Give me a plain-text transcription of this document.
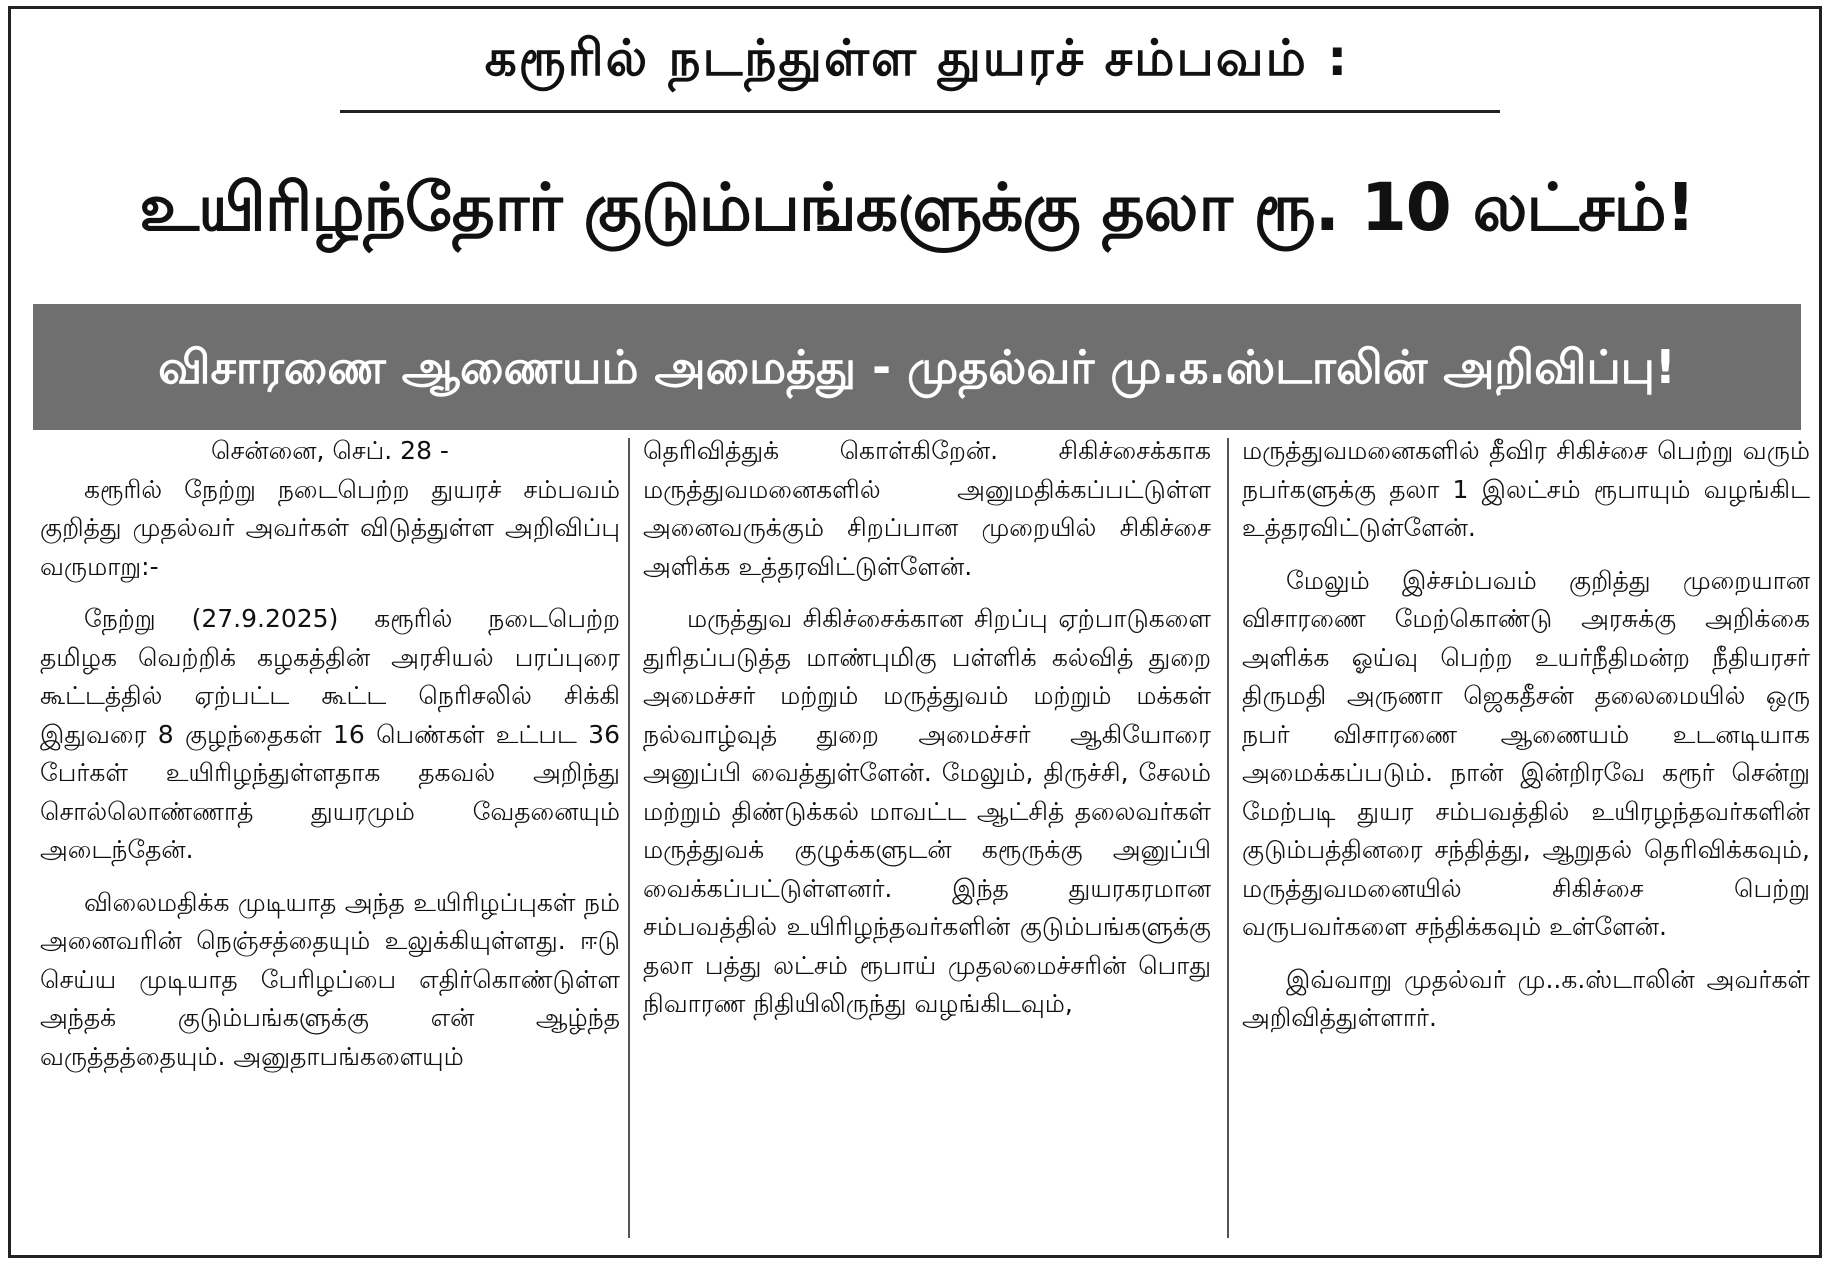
கரூரில் நடந்துள்ள துயரச் சம்பவம் :
உயிரிழந்தோர் குடும்பங்களுக்கு தலா ரூ. 10 லட்சம்!
விசாரணை ஆணையம் அமைத்து - முதல்வர் மு.க.ஸ்டாலின் அறிவிப்பு!

சென்னை, செப். 28 -

கரூரில் நேற்று நடைபெற்ற துயரச் சம்பவம் குறித்து முதல்வர் அவர்கள் விடுத்துள்ள அறிவிப்பு வருமாறு:-

நேற்று (27.9.2025) கரூரில் நடைபெற்ற தமிழக வெற்றிக் கழகத்தின் அரசியல் பரப்புரை கூட்டத்தில் ஏற்பட்ட கூட்ட நெரிசலில் சிக்கி இதுவரை 8 குழந்தைகள் 16 பெண்கள் உட்பட 36 பேர்கள் உயிரிழந்துள்ளதாக தகவல் அறிந்து சொல்லொண்ணாத் துயரமும் வேதனையும் அடைந்தேன்.

விலைமதிக்க முடியாத அந்த உயிரிழப்புகள் நம் அனைவரின் நெஞ்சத்தையும் உலுக்கியுள்ளது. ஈடு செய்ய முடியாத பேரிழப்பை எதிர்கொண்டுள்ள அந்தக் குடும்பங்களுக்கு என் ஆழ்ந்த வருத்தத்தையும். அனுதாபங்களையும்

தெரிவித்துக் கொள்கிறேன். சிகிச்சைக்காக மருத்துவமனைகளில் அனுமதிக்கப்பட்டுள்ள அனைவருக்கும் சிறப்பான முறையில் சிகிச்சை அளிக்க உத்தரவிட்டுள்ளேன்.

மருத்துவ சிகிச்சைக்கான சிறப்பு ஏற்பாடுகளை துரிதப்படுத்த மாண்புமிகு பள்ளிக் கல்வித் துறை அமைச்சர் மற்றும் மருத்துவம் மற்றும் மக்கள் நல்வாழ்வுத் துறை அமைச்சர் ஆகியோரை அனுப்பி வைத்துள்ளேன். மேலும், திருச்சி, சேலம் மற்றும் திண்டுக்கல் மாவட்ட ஆட்சித் தலைவர்கள் மருத்துவக் குழுக்களுடன் கரூருக்கு அனுப்பி வைக்கப்பட்டுள்ளனர். இந்த துயரகரமான சம்பவத்தில் உயிரிழந்தவர்களின் குடும்பங்களுக்கு தலா பத்து லட்சம் ரூபாய் முதலமைச்சரின் பொது நிவாரண நிதியிலிருந்து வழங்கிடவும்,

மருத்துவமனைகளில் தீவிர சிகிச்சை பெற்று வரும் நபர்களுக்கு தலா 1 இலட்சம் ரூபாயும் வழங்கிட உத்தரவிட்டுள்ளேன்.

மேலும் இச்சம்பவம் குறித்து முறையான விசாரணை மேற்கொண்டு அரசுக்கு அறிக்கை அளிக்க ஓய்வு பெற்ற உயர்நீதிமன்ற நீதியரசர் திருமதி அருணா ஜெகதீசன் தலைமையில் ஒரு நபர் விசாரணை ஆணையம் உடனடியாக அமைக்கப்படும். நான் இன்றிரவே கரூர் சென்று மேற்படி துயர சம்பவத்தில் உயிரழந்தவர்களின் குடும்பத்தினரை சந்தித்து, ஆறுதல் தெரிவிக்கவும், மருத்துவமனையில் சிகிச்சை பெற்று வருபவர்களை சந்திக்கவும் உள்ளேன்.

இவ்வாறு முதல்வர் மு..க.ஸ்டாலின் அவர்கள் அறிவித்துள்ளார்.
